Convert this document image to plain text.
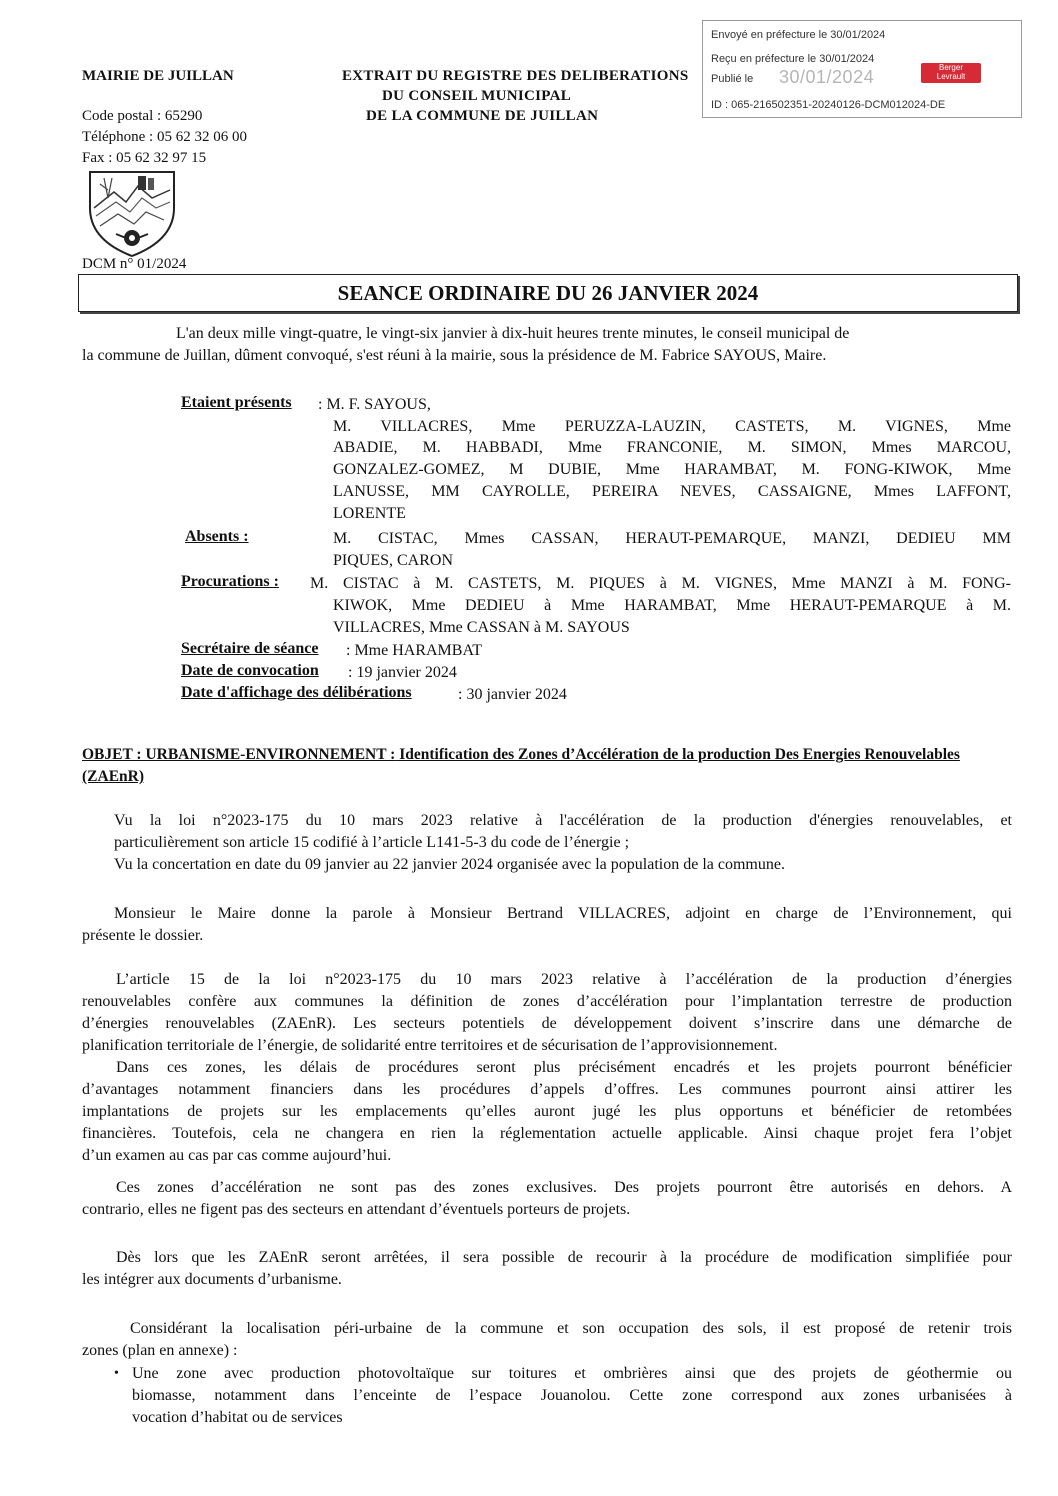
Envoyé en préfecture le 30/01/2024
Reçu en préfecture le 30/01/2024
Publié le 30/01/2024	Berger
Levrault
ID : 065-216502351-20240126-DCM012024-DE
MAIRIE DE JUILLAN
Code postal : 65290
Téléphone : 05 62 32 06 00
Fax : 05 62 32 97 15
EXTRAIT DU REGISTRE DES DELIBERATIONS
DU CONSEIL MUNICIPAL
DE LA COMMUNE DE JUILLAN
DCM n° 01/2024
SEANCE ORDINAIRE DU 26 JANVIER 2024
L'an deux mille vingt-quatre, le vingt-six janvier à dix-huit heures trente minutes, le conseil municipal de
la commune de Juillan, dûment convoqué, s'est réuni à la mairie, sous la présidence de M. Fabrice SAYOUS, Maire.
Etaient présents : M. F. SAYOUS,
M. VILLACRES, Mme PERUZZA-LAUZIN, CASTETS, M. VIGNES, Mme
ABADIE, M. HABBADI, Mme FRANCONIE, M. SIMON, Mmes MARCOU,
GONZALEZ-GOMEZ, M DUBIE, Mme HARAMBAT, M. FONG-KIWOK, Mme
LANUSSE, MM CAYROLLE, PEREIRA NEVES, CASSAIGNE, Mmes LAFFONT,
LORENTE
Absents :	M. CISTAC, Mmes CASSAN, HERAUT-PEMARQUE, MANZI, DEDIEU MM
PIQUES, CARON
Procurations : M. CISTAC à M. CASTETS, M. PIQUES à M. VIGNES, Mme MANZI à M. FONG-
KIWOK, Mme DEDIEU à Mme HARAMBAT, Mme HERAUT-PEMARQUE à M.
VILLACRES, Mme CASSAN à M. SAYOUS
Secrétaire de séance : Mme HARAMBAT
Date de convocation : 19 janvier 2024
Date d'affichage des délibérations	: 30 janvier 2024
OBJET : URBANISME-ENVIRONNEMENT : Identification des Zones d’Accélération de la production Des Energies Renouvelables (ZAEnR)
Vu la loi n°2023-175 du 10 mars 2023 relative à l'accélération de la production d'énergies renouvelables, et
particulièrement son article 15 codifié à l’article L141-5-3 du code de l’énergie ;
Vu la concertation en date du 09 janvier au 22 janvier 2024 organisée avec la population de la commune.
Monsieur le Maire donne la parole à Monsieur Bertrand VILLACRES, adjoint en charge de l’Environnement, qui
présente le dossier.
L’article 15 de la loi n°2023-175 du 10 mars 2023 relative à l’accélération de la production d’énergies
renouvelables confère aux communes la définition de zones d’accélération pour l’implantation terrestre de production
d’énergies renouvelables (ZAEnR). Les secteurs potentiels de développement doivent s’inscrire dans une démarche de
planification territoriale de l’énergie, de solidarité entre territoires et de sécurisation de l’approvisionnement.
Dans ces zones, les délais de procédures seront plus précisément encadrés et les projets pourront bénéficier
d’avantages notamment financiers dans les procédures d’appels d’offres. Les communes pourront ainsi attirer les
implantations de projets sur les emplacements qu’elles auront jugé les plus opportuns et bénéficier de retombées
financières. Toutefois, cela ne changera en rien la réglementation actuelle applicable. Ainsi chaque projet fera l’objet
d’un examen au cas par cas comme aujourd’hui.
Ces zones d’accélération ne sont pas des zones exclusives. Des projets pourront être autorisés en dehors. A
contrario, elles ne figent pas des secteurs en attendant d’éventuels porteurs de projets.
Dès lors que les ZAEnR seront arrêtées, il sera possible de recourir à la procédure de modification simplifiée pour
les intégrer aux documents d’urbanisme.
Considérant la localisation péri-urbaine de la commune et son occupation des sols, il est proposé de retenir trois
zones (plan en annexe) :
• Une zone avec production photovoltaïque sur toitures et ombrières ainsi que des projets de géothermie ou
biomasse, notamment dans l’enceinte de l’espace Jouanolou. Cette zone correspond aux zones urbanisées à
vocation d’habitat ou de services
